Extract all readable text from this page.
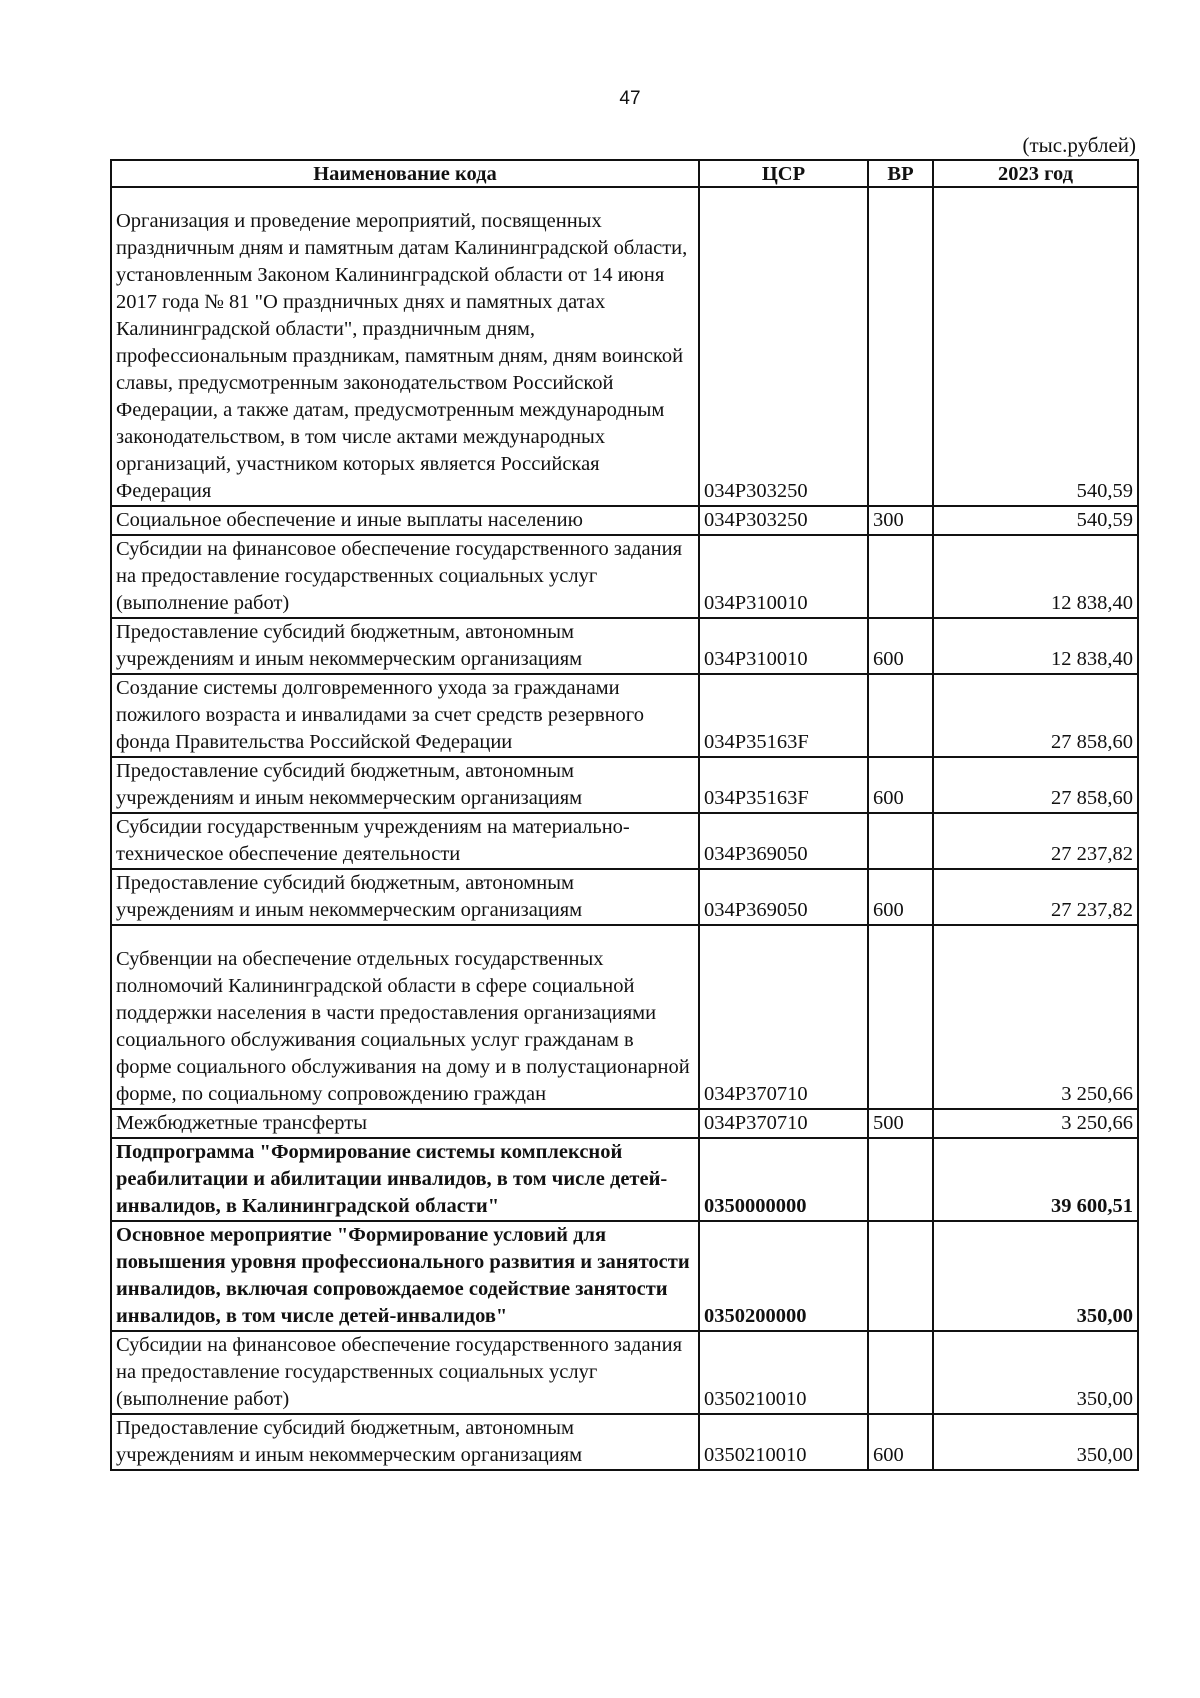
47
(тыс.рублей)
Наименование кода	ЦСР	ВР	2023 год
Организация и проведение мероприятий, посвященных праздничным дням и памятным датам Калининградской области, установленным Законом Калининградской области от 14 июня 2017 года № 81 "О праздничных днях и памятных датах Калининградской области", праздничным дням, профессиональным праздникам, памятным дням, дням воинской славы, предусмотренным законодательством Российской Федерации, а также датам, предусмотренным международным законодательством, в том числе актами международных организаций, участником которых является Российская Федерация	034P303250		540,59
Социальное обеспечение и иные выплаты населению	034P303250	300	540,59
Субсидии на финансовое обеспечение государственного задания на предоставление государственных социальных услуг (выполнение работ)	034P310010		12 838,40
Предоставление субсидий бюджетным, автономным учреждениям и иным некоммерческим организациям	034P310010	600	12 838,40
Создание системы долговременного ухода за гражданами пожилого возраста и инвалидами за счет средств резервного фонда Правительства Российской Федерации	034P35163F		27 858,60
Предоставление субсидий бюджетным, автономным учреждениям и иным некоммерческим организациям	034P35163F	600	27 858,60
Субсидии государственным учреждениям на материально-техническое обеспечение деятельности	034P369050		27 237,82
Предоставление субсидий бюджетным, автономным учреждениям и иным некоммерческим организациям	034P369050	600	27 237,82
Субвенции на обеспечение отдельных государственных полномочий Калининградской области в сфере социальной поддержки населения в части предоставления организациями социального обслуживания социальных услуг гражданам в форме социального обслуживания на дому и в полустационарной форме, по социальному сопровождению граждан	034P370710		3 250,66
Межбюджетные трансферты	034P370710	500	3 250,66
Подпрограмма "Формирование системы комплексной реабилитации и абилитации инвалидов, в том числе детей-инвалидов, в Калининградской области"	0350000000		39 600,51
Основное мероприятие "Формирование условий для повышения уровня профессионального развития и занятости инвалидов, включая сопровождаемое содействие занятости инвалидов, в том числе детей-инвалидов"	0350200000		350,00
Субсидии на финансовое обеспечение государственного задания на предоставление государственных социальных услуг (выполнение работ)	0350210010		350,00
Предоставление субсидий бюджетным, автономным учреждениям и иным некоммерческим организациям	0350210010	600	350,00
